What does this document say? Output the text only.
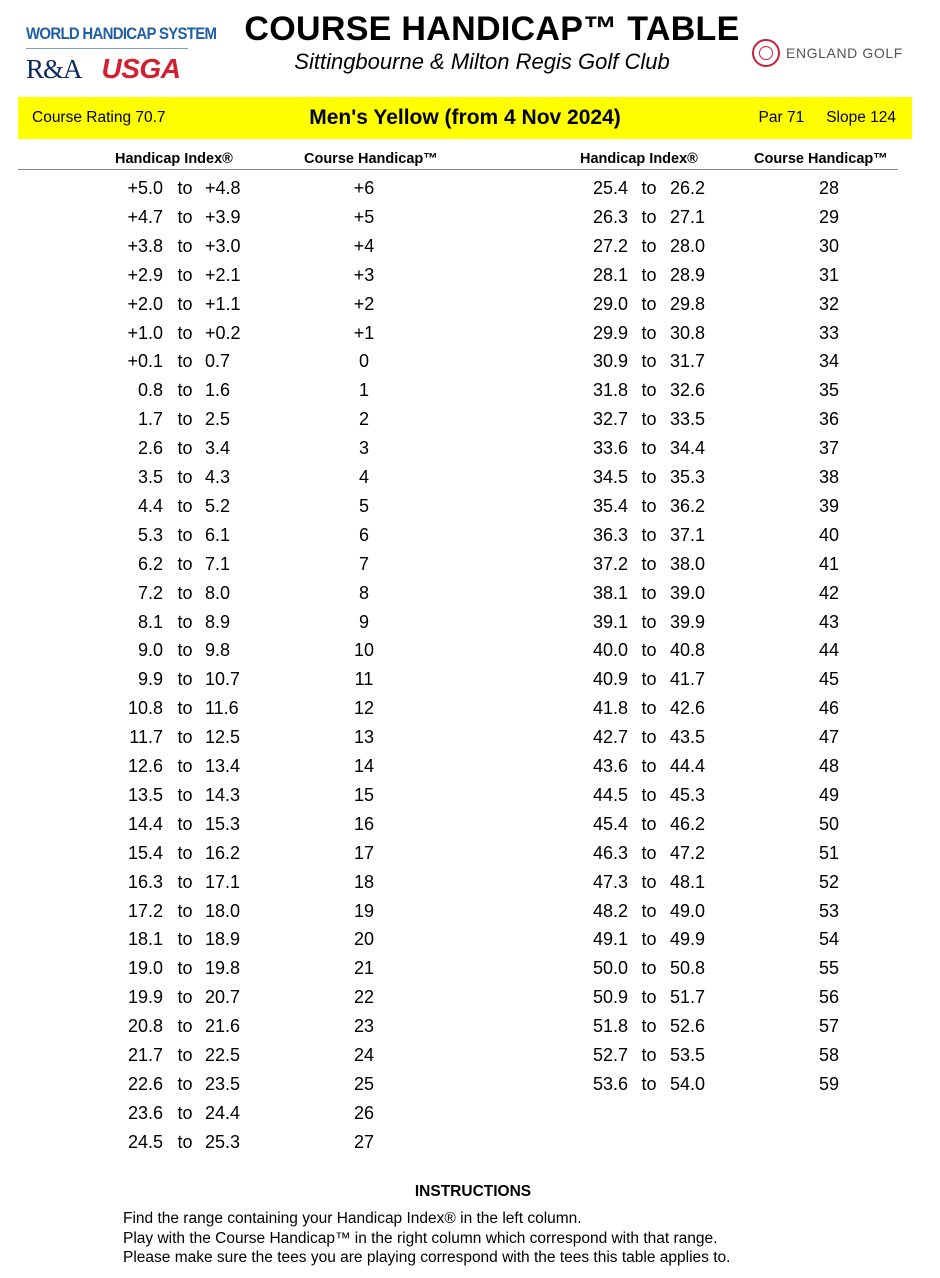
WORLD HANDICAP SYSTEM
R&A USGA
COURSE HANDICAP™ TABLE
Sittingbourne & Milton Regis Golf Club	ENGLAND GOLF
Course Rating 70.7	Men's Yellow (from 4 Nov 2024)	Par 71 Slope 124
Handicap Index®	Course Handicap™	Handicap Index®	Course Handicap™
+5.0 to +4.8	+6
+4.7 to +3.9	+5
+3.8 to +3.0	+4
+2.9 to +2.1	+3
+2.0 to +1.1	+2
+1.0 to +0.2	+1
+0.1 to 0.7	0
0.8 to 1.6	1
1.7 to 2.5	2
2.6 to 3.4	3
3.5 to 4.3	4
4.4 to 5.2	5
5.3 to 6.1	6
6.2 to 7.1	7
7.2 to 8.0	8
8.1 to 8.9	9
9.0 to 9.8	10
9.9 to 10.7	11
10.8 to 11.6	12
11.7 to 12.5	13
12.6 to 13.4	14
13.5 to 14.3	15
14.4 to 15.3	16
15.4 to 16.2	17
16.3 to 17.1	18
17.2 to 18.0	19
18.1 to 18.9	20
19.0 to 19.8	21
19.9 to 20.7	22
20.8 to 21.6	23
21.7 to 22.5	24
22.6 to 23.5	25
23.6 to 24.4	26
24.5 to 25.3	27
25.4 to 26.2	28
26.3 to 27.1	29
27.2 to 28.0	30
28.1 to 28.9	31
29.0 to 29.8	32
29.9 to 30.8	33
30.9 to 31.7	34
31.8 to 32.6	35
32.7 to 33.5	36
33.6 to 34.4	37
34.5 to 35.3	38
35.4 to 36.2	39
36.3 to 37.1	40
37.2 to 38.0	41
38.1 to 39.0	42
39.1 to 39.9	43
40.0 to 40.8	44
40.9 to 41.7	45
41.8 to 42.6	46
42.7 to 43.5	47
43.6 to 44.4	48
44.5 to 45.3	49
45.4 to 46.2	50
46.3 to 47.2	51
47.3 to 48.1	52
48.2 to 49.0	53
49.1 to 49.9	54
50.0 to 50.8	55
50.9 to 51.7	56
51.8 to 52.6	57
52.7 to 53.5	58
53.6 to 54.0	59
INSTRUCTIONS
Find the range containing your Handicap Index® in the left column.
Play with the Course Handicap™ in the right column which correspond with that range.
Please make sure the tees you are playing correspond with the tees this table applies to.
